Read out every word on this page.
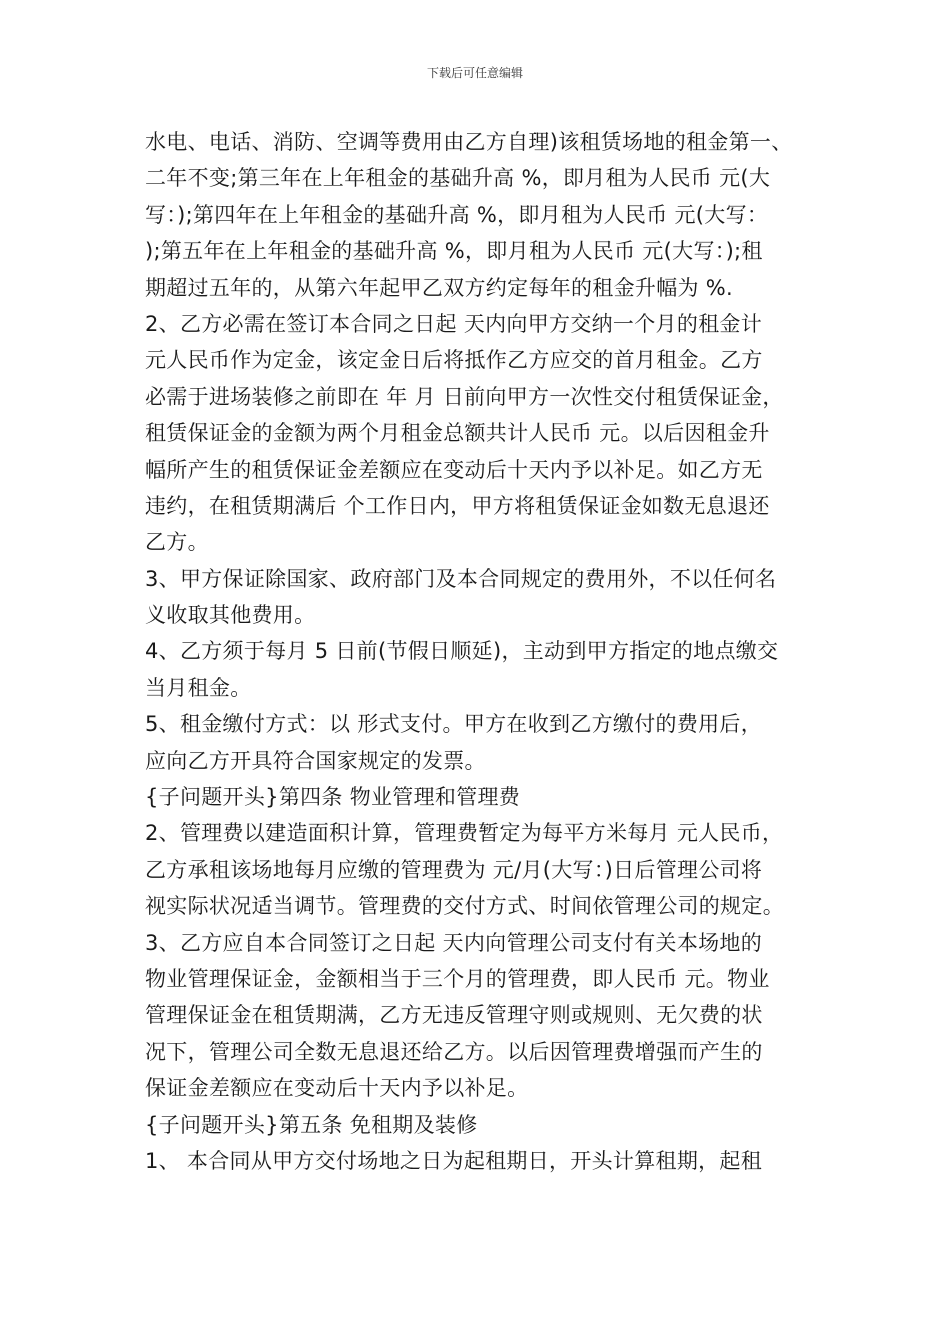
下载后可任意编辑
水电、电话、消防、空调等费用由乙方自理)该租赁场地的租金第一、
二年不变;第三年在上年租金的基础升高 %，即月租为人民币 元(大
写：);第四年在上年租金的基础升高 %，即月租为人民币 元(大写：
);第五年在上年租金的基础升高 %，即月租为人民币 元(大写：);租
期超过五年的，从第六年起甲乙双方约定每年的租金升幅为 %.
2、乙方必需在签订本合同之日起 天内向甲方交纳一个月的租金计
元人民币作为定金，该定金日后将抵作乙方应交的首月租金。乙方
必需于进场装修之前即在 年 月 日前向甲方一次性交付租赁保证金，
租赁保证金的金额为两个月租金总额共计人民币 元。以后因租金升
幅所产生的租赁保证金差额应在变动后十天内予以补足。如乙方无
违约，在租赁期满后 个工作日内，甲方将租赁保证金如数无息退还
乙方。
3、甲方保证除国家、政府部门及本合同规定的费用外，不以任何名
义收取其他费用。
4、乙方须于每月 5 日前(节假日顺延)，主动到甲方指定的地点缴交
当月租金。
5、租金缴付方式：以 形式支付。甲方在收到乙方缴付的费用后，
应向乙方开具符合国家规定的发票。
{子问题开头}第四条 物业管理和管理费
2、管理费以建造面积计算，管理费暂定为每平方米每月 元人民币，
乙方承租该场地每月应缴的管理费为 元/月(大写：)日后管理公司将
视实际状况适当调节。管理费的交付方式、时间依管理公司的规定。
3、乙方应自本合同签订之日起 天内向管理公司支付有关本场地的
物业管理保证金，金额相当于三个月的管理费，即人民币 元。物业
管理保证金在租赁期满，乙方无违反管理守则或规则、无欠费的状
况下，管理公司全数无息退还给乙方。以后因管理费增强而产生的
保证金差额应在变动后十天内予以补足。
{子问题开头}第五条 免租期及装修
1、 本合同从甲方交付场地之日为起租期日，开头计算租期，起租
